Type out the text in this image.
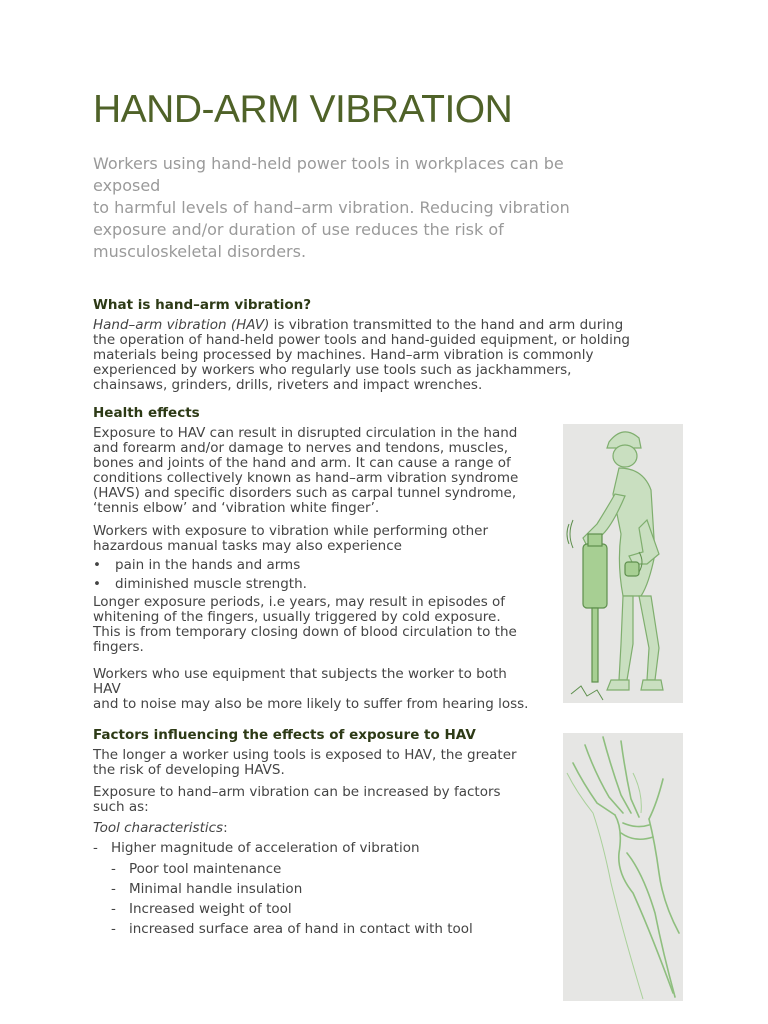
HAND-ARM VIBRATION

Workers using hand-held power tools in workplaces can be
exposed
to harmful levels of hand–arm vibration. Reducing vibration
exposure and/or duration of use reduces the risk of
musculoskeletal disorders.

What is hand–arm vibration?

Hand–arm vibration (HAV) is vibration transmitted to the hand and arm during
the operation of hand-held power tools and hand-guided equipment, or holding
materials being processed by machines. Hand–arm vibration is commonly
experienced by workers who regularly use tools such as jackhammers,
chainsaws, grinders, drills, riveters and impact wrenches.

Health effects

Exposure to HAV can result in disrupted circulation in the hand
and forearm and/or damage to nerves and tendons, muscles,
bones and joints of the hand and arm. It can cause a range of
conditions collectively known as hand–arm vibration syndrome
(HAVS) and specific disorders such as carpal tunnel syndrome,
‘tennis elbow’ and ‘vibration white finger’.

Workers with exposure to vibration while performing other
hazardous manual tasks may also experience

• pain in the hands and arms
• diminished muscle strength.

Longer exposure periods, i.e years, may result in episodes of
whitening of the fingers, usually triggered by cold exposure.
This is from temporary closing down of blood circulation to the
fingers.

Workers who use equipment that subjects the worker to both
HAV
and to noise may also be more likely to suffer from hearing loss.

Factors influencing the effects of exposure to HAV

The longer a worker using tools is exposed to HAV, the greater
the risk of developing HAVS.

Exposure to hand–arm vibration can be increased by factors
such as:

Tool characteristics:

- Higher magnitude of acceleration of vibration
- Poor tool maintenance
- Minimal handle insulation
- Increased weight of tool
- increased surface area of hand in contact with tool
